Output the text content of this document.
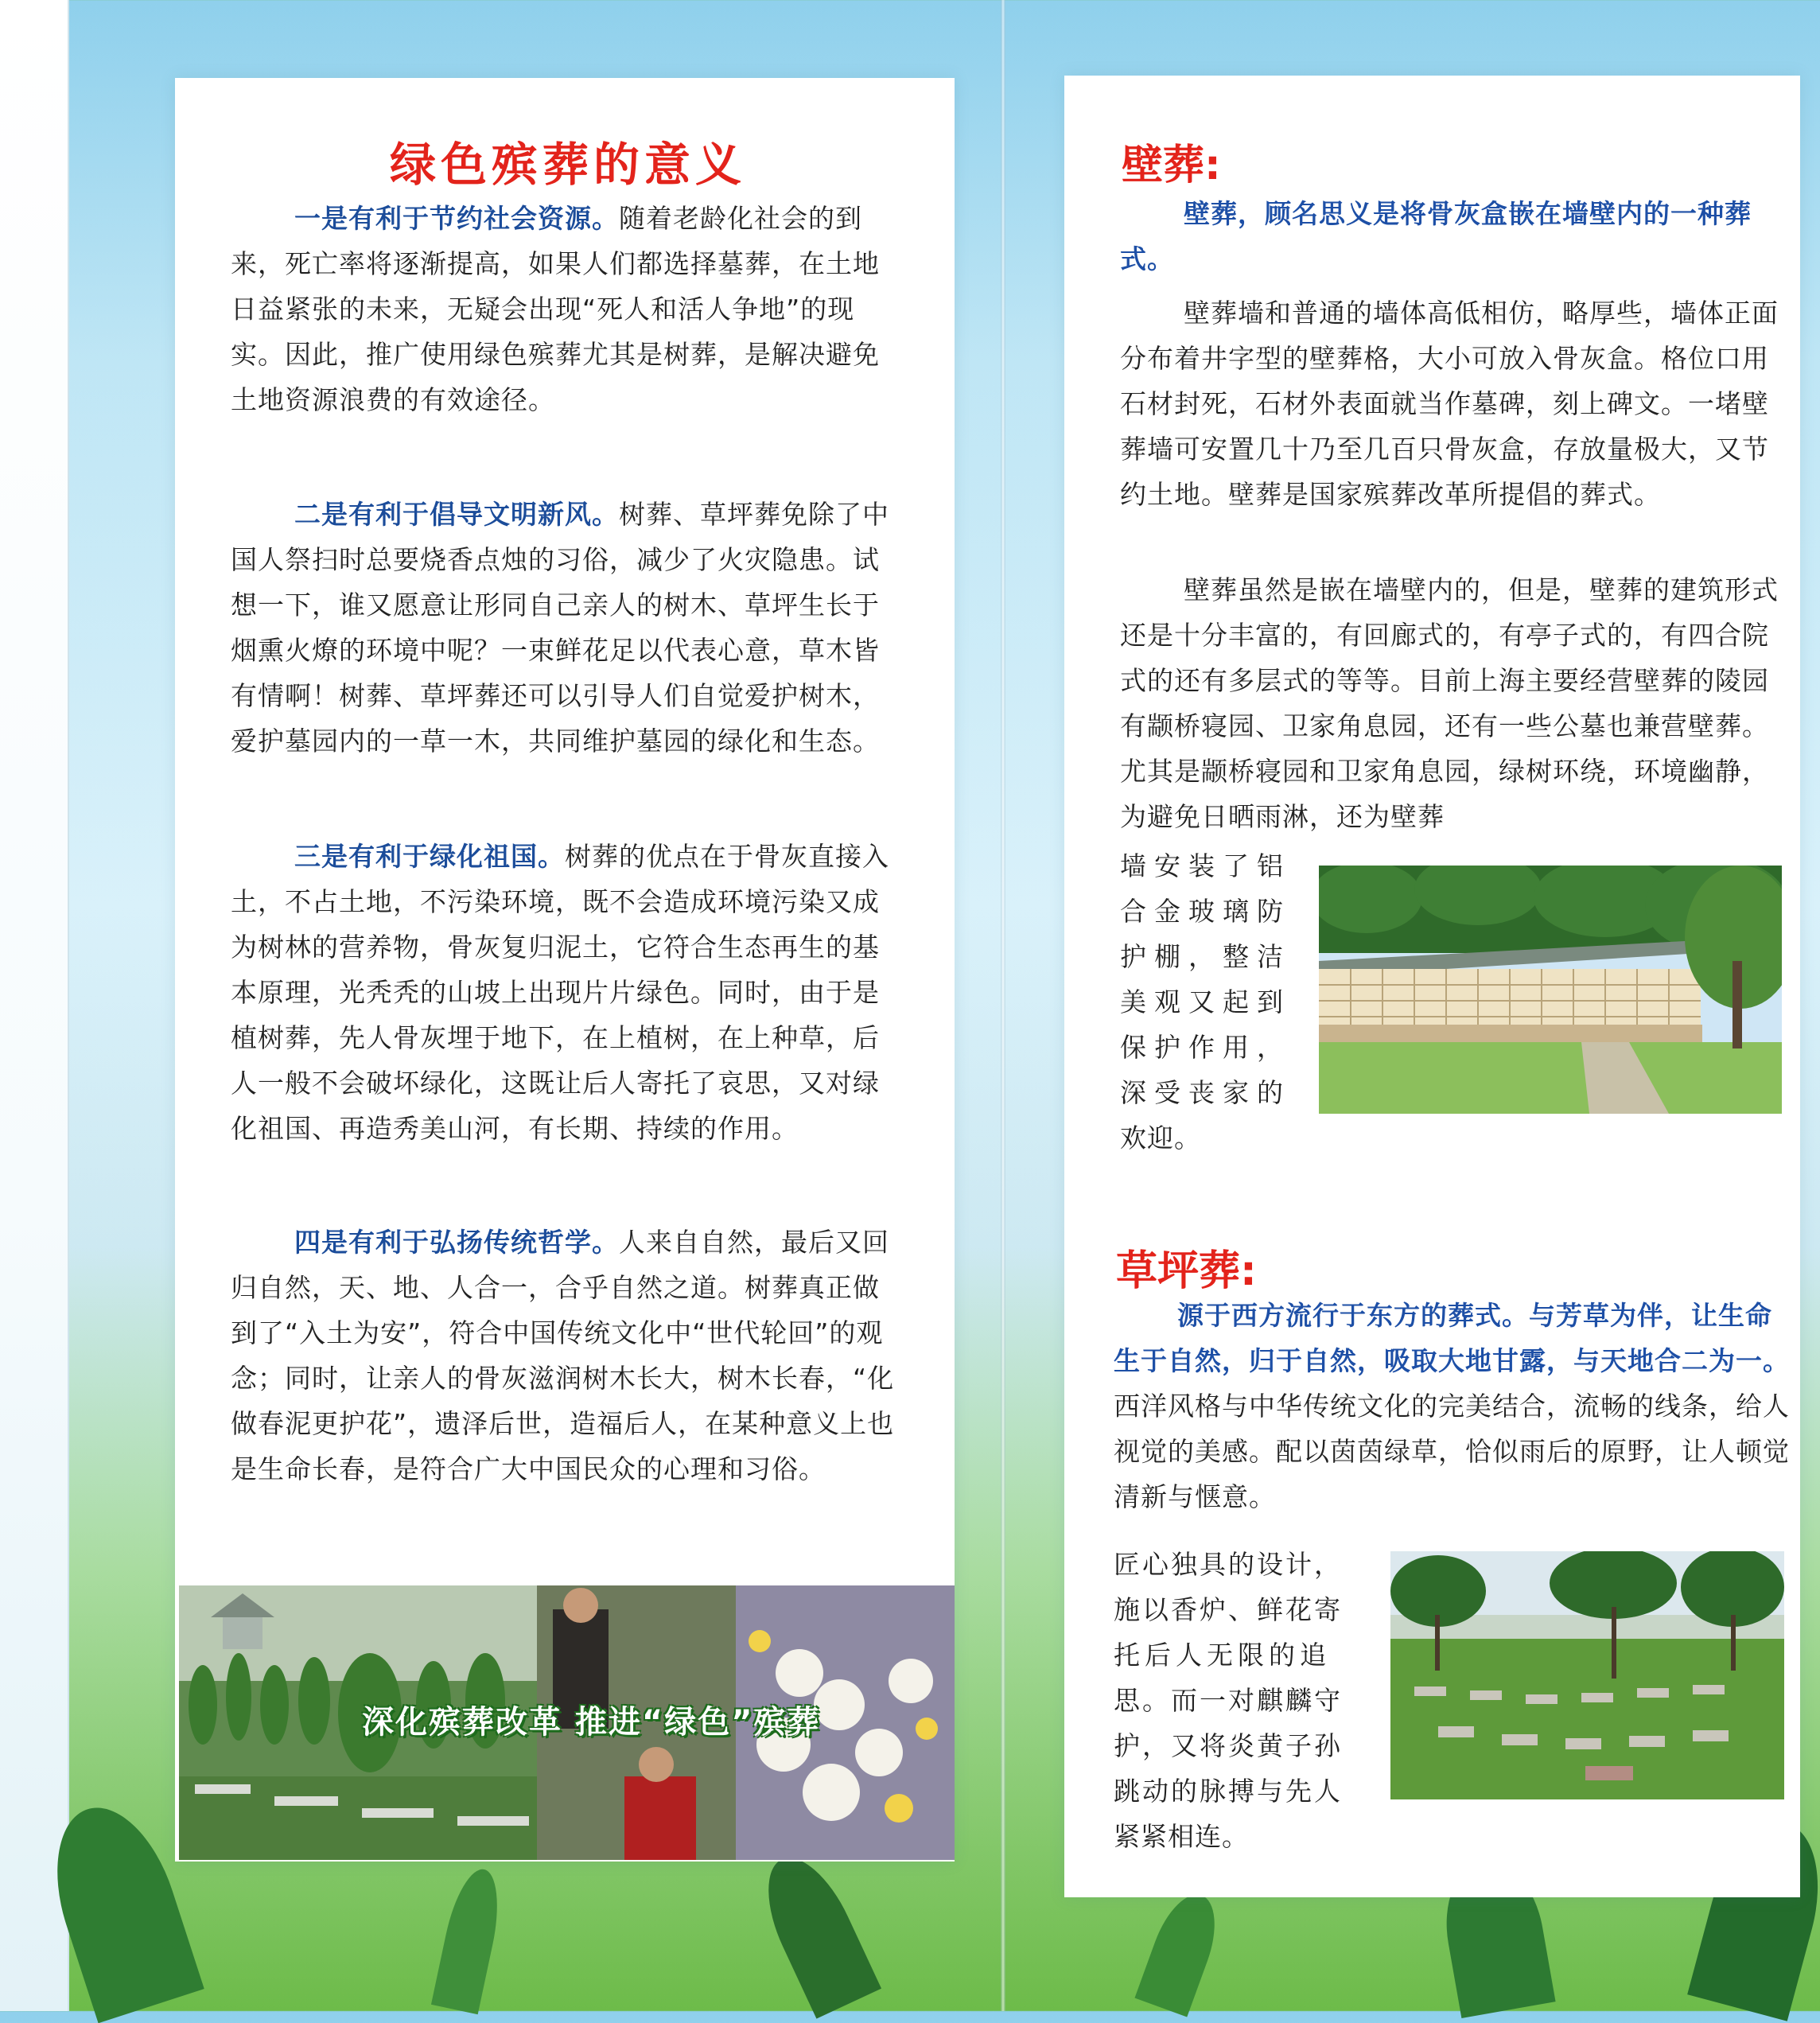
绿色殡葬的意义
一是有利于节约社会资源。随着老龄化社会的到来，死亡率将逐渐提高，如果人们都选择墓葬，在土地日益紧张的未来，无疑会出现“死人和活人争地”的现实。因此，推广使用绿色殡葬尤其是树葬，是解决避免土地资源浪费的有效途径。
二是有利于倡导文明新风。树葬、草坪葬免除了中国人祭扫时总要烧香点烛的习俗，减少了火灾隐患。试想一下，谁又愿意让形同自己亲人的树木、草坪生长于烟熏火燎的环境中呢？一束鲜花足以代表心意，草木皆有情啊！树葬、草坪葬还可以引导人们自觉爱护树木，爱护墓园内的一草一木，共同维护墓园的绿化和生态。
三是有利于绿化祖国。树葬的优点在于骨灰直接入土，不占土地，不污染环境，既不会造成环境污染又成为树林的营养物，骨灰复归泥土，它符合生态再生的基本原理，光秃秃的山坡上出现片片绿色。同时，由于是植树葬，先人骨灰埋于地下，在上植树，在上种草，后人一般不会破坏绿化，这既让后人寄托了哀思，又对绿化祖国、再造秀美山河，有长期、持续的作用。
四是有利于弘扬传统哲学。人来自自然，最后又回归自然，天、地、人合一，合乎自然之道。树葬真正做到了“入土为安”，符合中国传统文化中“世代轮回”的观念；同时，让亲人的骨灰滋润树木长大，树木长春，“化做春泥更护花”，遗泽后世，造福后人，在某种意义上也是生命长春，是符合广大中国民众的心理和习俗。
深化殡葬改革 推进“绿色”殡葬
壁葬:
壁葬，顾名思义是将骨灰盒嵌在墙壁内的一种葬式。
壁葬墙和普通的墙体高低相仿，略厚些，墙体正面分布着井字型的壁葬格，大小可放入骨灰盒。格位口用石材封死，石材外表面就当作墓碑，刻上碑文。一堵壁葬墙可安置几十乃至几百只骨灰盒，存放量极大，又节约土地。壁葬是国家殡葬改革所提倡的葬式。
壁葬虽然是嵌在墙壁内的，但是，壁葬的建筑形式还是十分丰富的，有回廊式的，有亭子式的，有四合院式的还有多层式的等等。目前上海主要经营壁葬的陵园有颛桥寝园、卫家角息园，还有一些公墓也兼营壁葬。尤其是颛桥寝园和卫家角息园，绿树环绕，环境幽静，为避免日晒雨淋，还为壁葬
墙安装了铝
合金玻璃防
护棚，整洁
美观又起到
保护作用，
深受丧家的
欢迎。
草坪葬:
源于西方流行于东方的葬式。与芳草为伴，让生命生于自然，归于自然，吸取大地甘露，与天地合二为一。西洋风格与中华传统文化的完美结合，流畅的线条，给人视觉的美感。配以茵茵绿草，恰似雨后的原野，让人顿觉清新与惬意。
匠心独具的设计，
施以香炉、鲜花寄
托后人无限的追
思。而一对麒麟守
护，又将炎黄子孙
跳动的脉搏与先人
紧紧相连。
